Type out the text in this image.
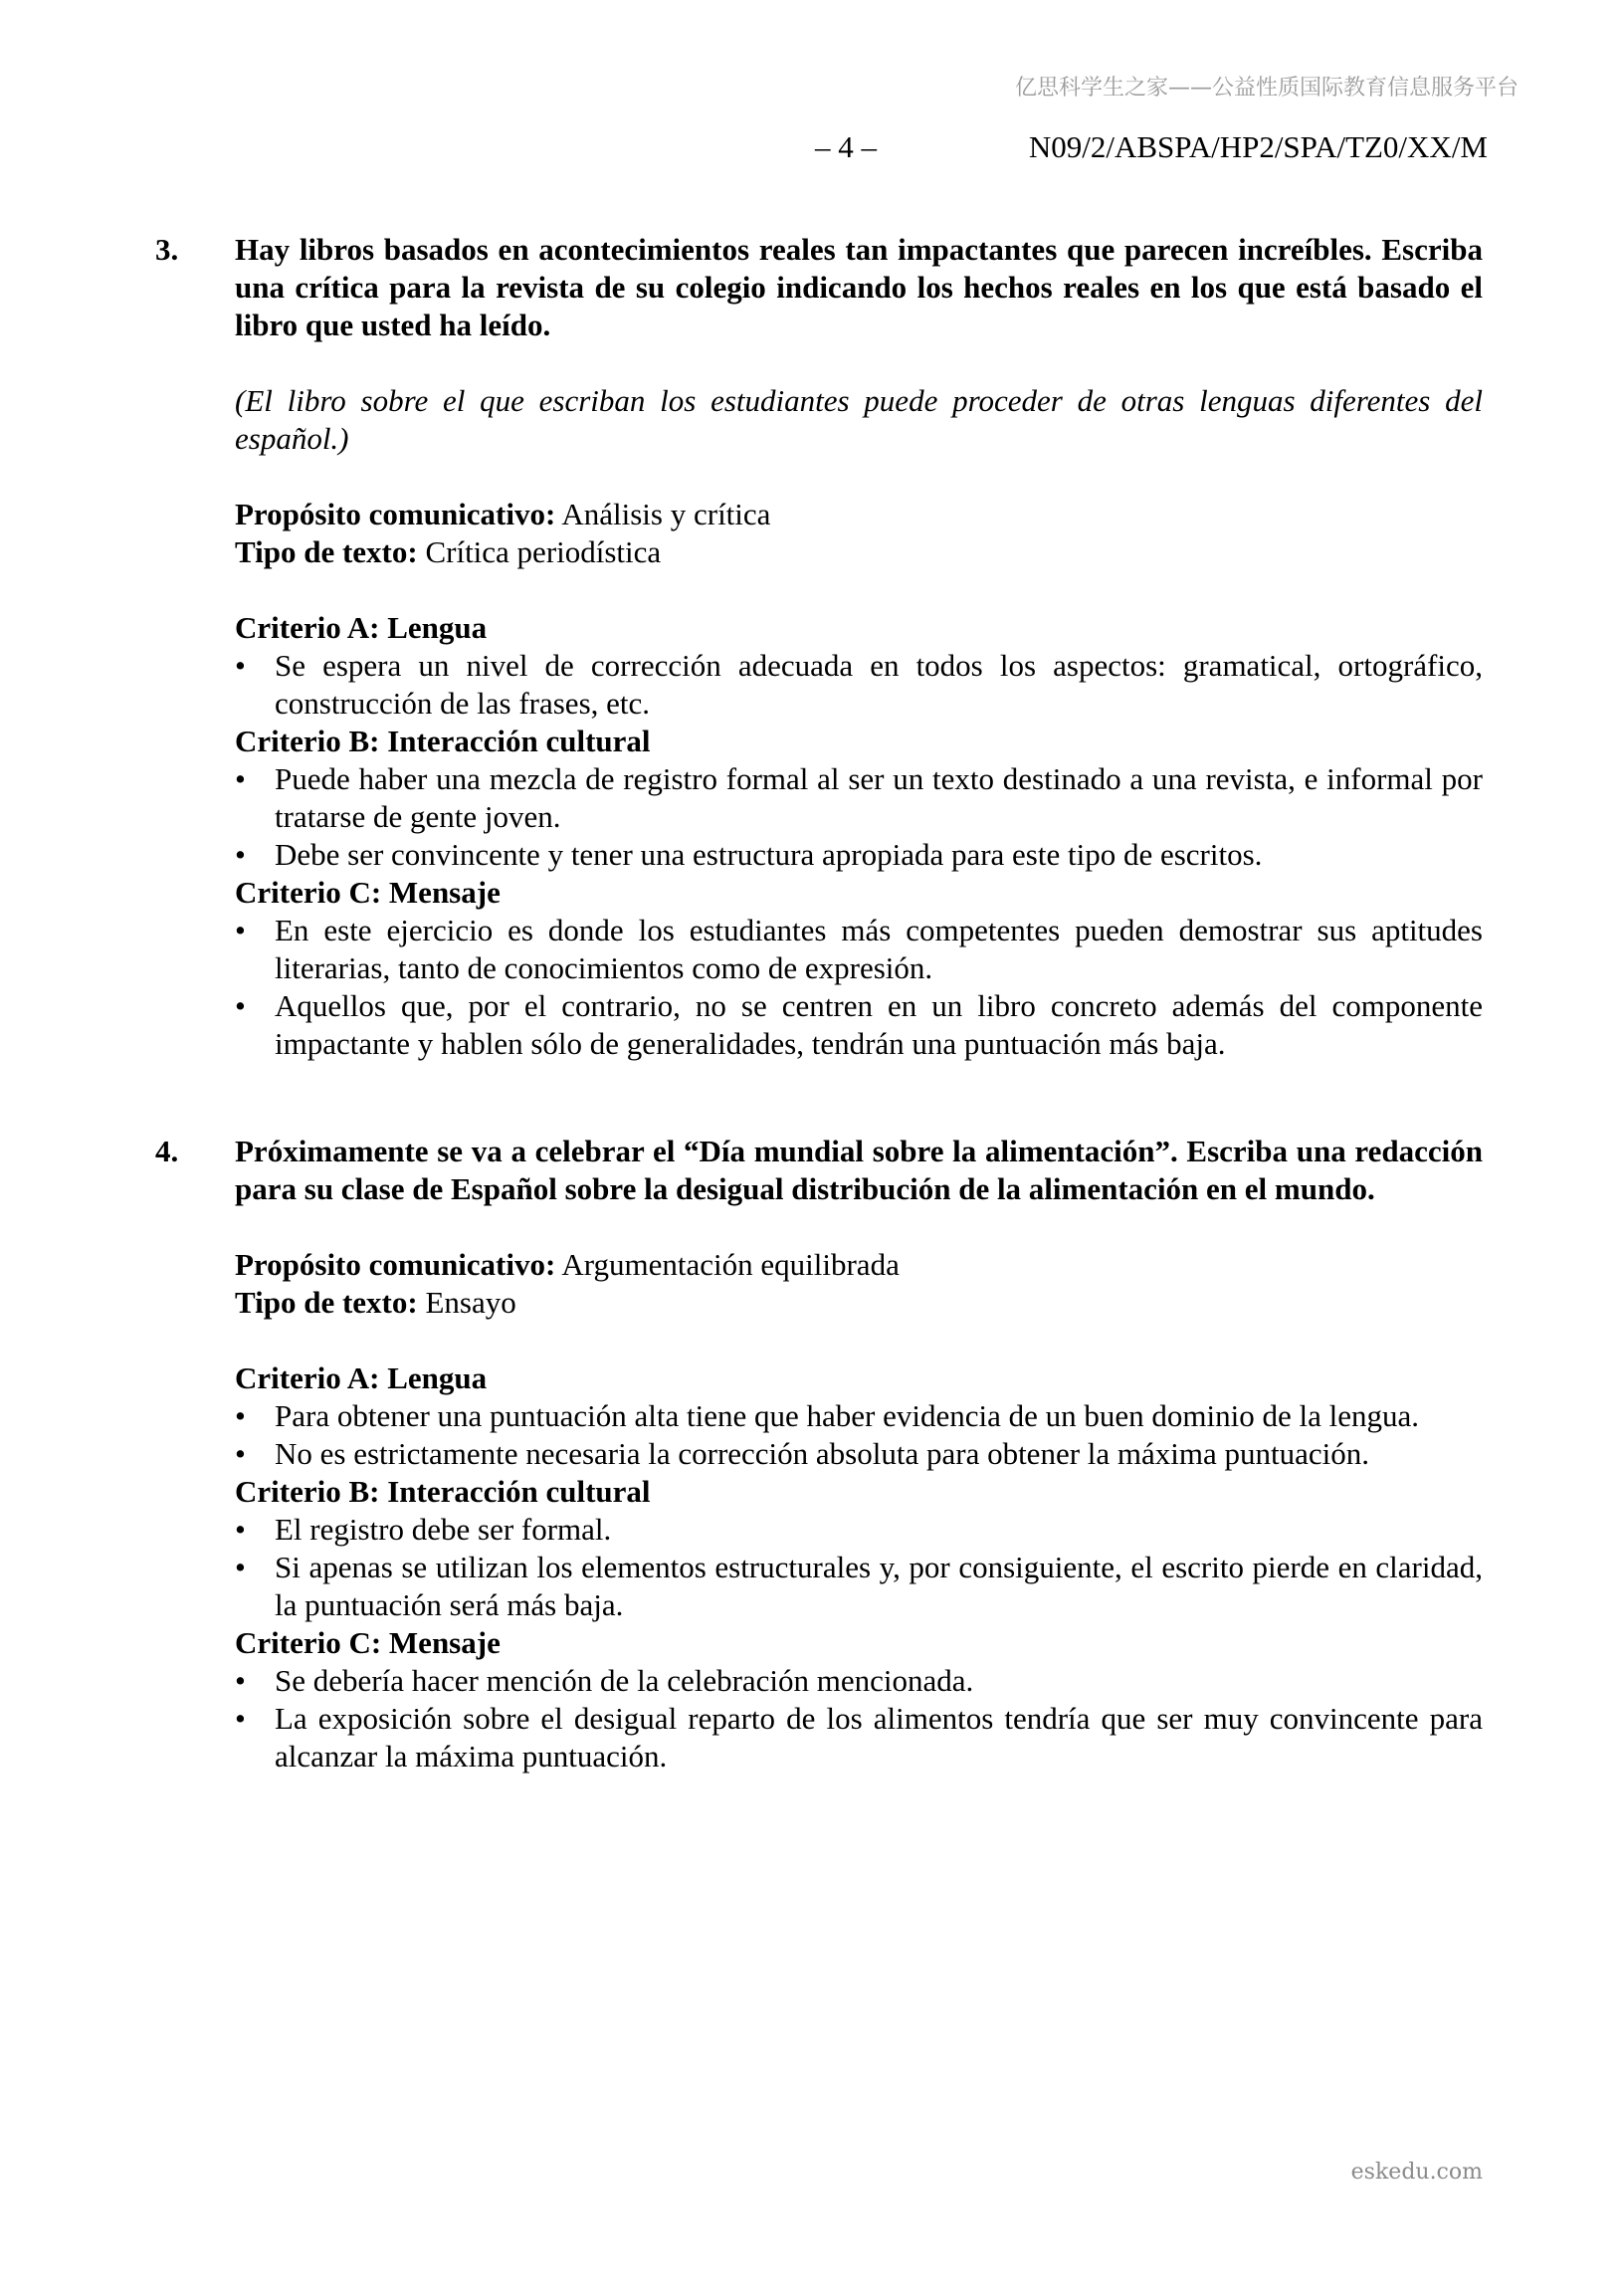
亿思科学生之家——公益性质国际教育信息服务平台
– 4 –	N09/2/ABSPA/HP2/SPA/TZ0/XX/M
3. Hay libros basados en acontecimientos reales tan impactantes que parecen increíbles. Escriba una crítica para la revista de su colegio indicando los hechos reales en los que está basado el libro que usted ha leído.

(El libro sobre el que escriban los estudiantes puede proceder de otras lenguas diferentes del español.)

Propósito comunicativo: Análisis y crítica
Tipo de texto: Crítica periodística
Criterio A: Lengua
• Se espera un nivel de corrección adecuada en todos los aspectos: gramatical, ortográfico, construcción de las frases, etc.
Criterio B: Interacción cultural
• Puede haber una mezcla de registro formal al ser un texto destinado a una revista, e informal por tratarse de gente joven.
• Debe ser convincente y tener una estructura apropiada para este tipo de escritos.
Criterio C: Mensaje
• En este ejercicio es donde los estudiantes más competentes pueden demostrar sus aptitudes literarias, tanto de conocimientos como de expresión.
• Aquellos que, por el contrario, no se centren en un libro concreto además del componente impactante y hablen sólo de generalidades, tendrán una puntuación más baja.
4. Próximamente se va a celebrar el “Día mundial sobre la alimentación”. Escriba una redacción para su clase de Español sobre la desigual distribución de la alimentación en el mundo.

Propósito comunicativo: Argumentación equilibrada
Tipo de texto: Ensayo
Criterio A: Lengua
• Para obtener una puntuación alta tiene que haber evidencia de un buen dominio de la lengua.
• No es estrictamente necesaria la corrección absoluta para obtener la máxima puntuación.
Criterio B: Interacción cultural
• El registro debe ser formal.
• Si apenas se utilizan los elementos estructurales y, por consiguiente, el escrito pierde en claridad, la puntuación será más baja.
Criterio C: Mensaje
• Se debería hacer mención de la celebración mencionada.
• La exposición sobre el desigual reparto de los alimentos tendría que ser muy convincente para alcanzar la máxima puntuación.
eskedu.com
